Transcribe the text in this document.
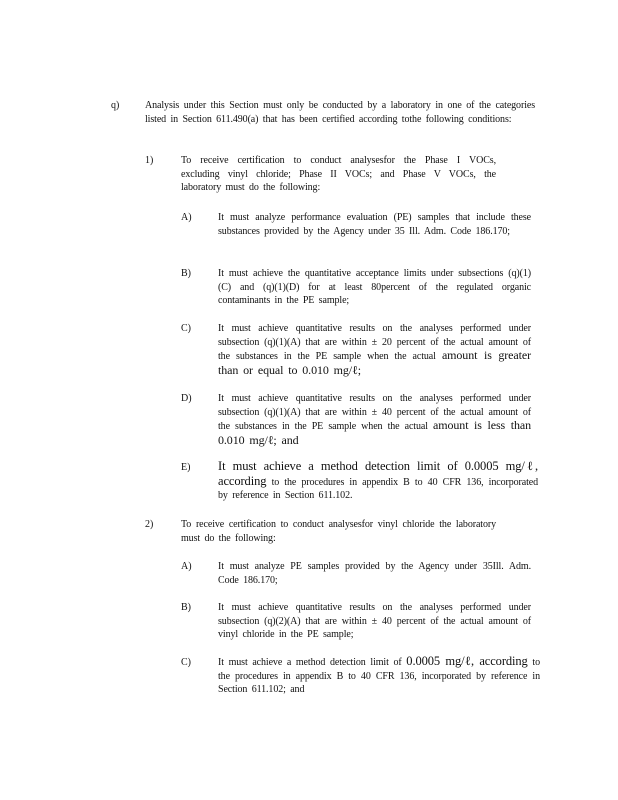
q)	Analysis under this Section must only be conducted by a laboratory in one of the categories listed in Section 611.490(a) that has been certified according tothe following conditions:
1)	To receive certification to conduct analysesfor the Phase I VOCs, excluding vinyl chloride; Phase II VOCs; and Phase V VOCs, the laboratory must do the following:
A)	It must analyze performance evaluation (PE) samples that include these substances provided by the Agency under 35 Ill. Adm. Code 186.170;
B)	It must achieve the quantitative acceptance limits under subsections (q)(1)(C) and (q)(1)(D) for at least 80percent of the regulated organic contaminants in the PE sample;
C)	It must achieve quantitative results on the analyses performed under subsection (q)(1)(A) that are within ± 20 percent of the actual amount of the substances in the PE sample when the actual amount is greater than or equal to 0.010 mg/ℓ;
D)	It must achieve quantitative results on the analyses performed under subsection (q)(1)(A) that are within ± 40 percent of the actual amount of the substances in the PE sample when the actual amount is less than 0.010 mg/ℓ; and
E) It must achieve a method detection limit of 0.0005 mg/ℓ, according to the procedures in appendix B to 40 CFR 136, incorporated by reference in Section 611.102.
2)	To receive certification to conduct analysesfor vinyl chloride the laboratory must do the following:
A)	It must analyze PE samples provided by the Agency under 35Ill. Adm. Code 186.170;
B)	It must achieve quantitative results on the analyses performed under subsection (q)(2)(A) that are within ± 40 percent of the actual amount of vinyl chloride in the PE sample;
C)	It must achieve a method detection limit of 0.0005 mg/ℓ, according to the procedures in appendix B to 40 CFR 136, incorporated by reference in Section 611.102; and
